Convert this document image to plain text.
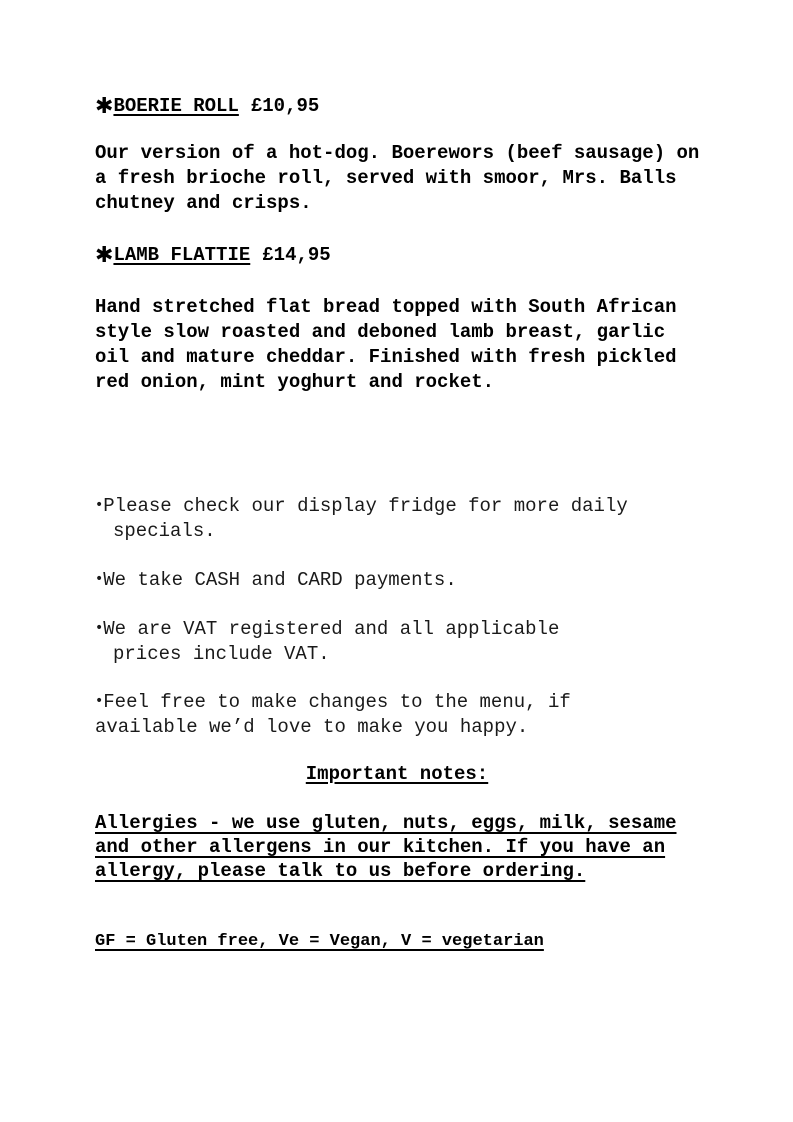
✱BOERIE ROLL £10,95

Our version of a hot-dog. Boerewors (beef sausage) on a fresh brioche roll, served with smoor, Mrs. Balls chutney and crisps.

✱LAMB FLATTIE £14,95

Hand stretched flat bread topped with South African style slow roasted and deboned lamb breast, garlic oil and mature cheddar. Finished with fresh pickled red onion, mint yoghurt and rocket.

•Please check our display fridge for more daily
specials.
•We take CASH and CARD payments.
•We are VAT registered and all applicable
prices include VAT.
•Feel free to make changes to the menu, if
available we’d love to make you happy.
Important notes:

Allergies - we use gluten, nuts, eggs, milk, sesame and other allergens in our kitchen. If you have an allergy, please talk to us before ordering.

GF = Gluten free, Ve = Vegan, V = vegetarian
